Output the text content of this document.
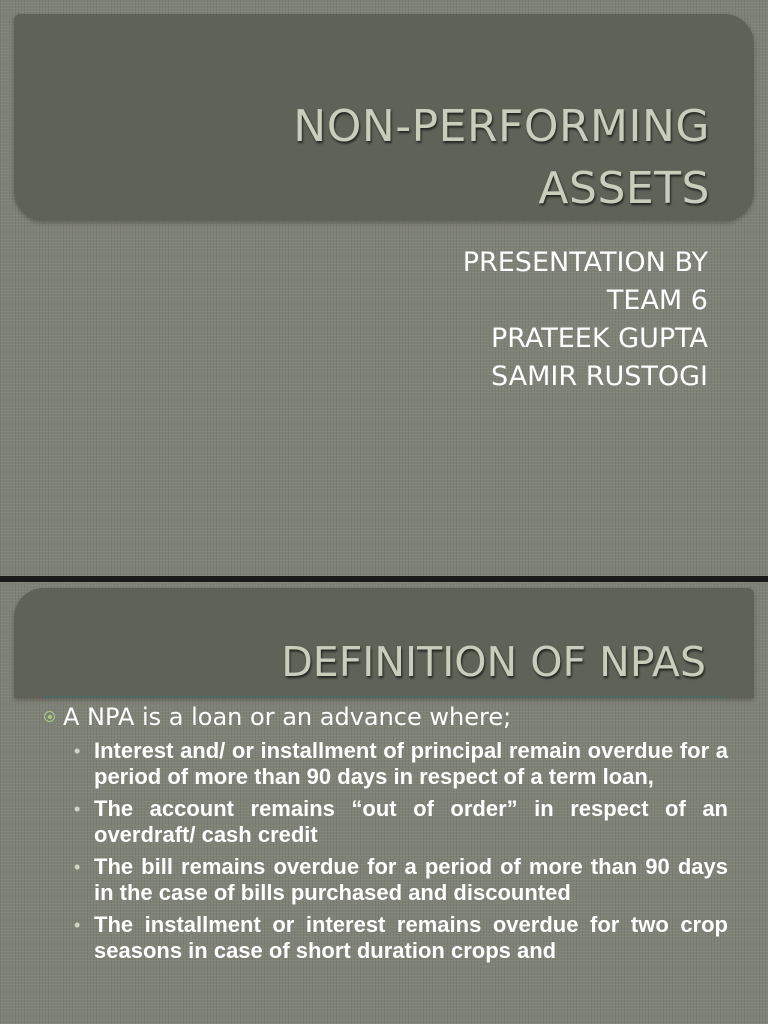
NON-PERFORMING
ASSETS
PRESENTATION BY
TEAM 6
PRATEEK GUPTA
SAMIR RUSTOGI
DEFINITION OF NPAS
A NPA is a loan or an advance where;
• Interest and/ or installment of principal remain overdue for a period of more than 90 days in respect of a term loan,
• The account remains “out of order” in respect of an overdraft/ cash credit
• The bill remains overdue for a period of more than 90 days in the case of bills purchased and discounted
• The installment or interest remains overdue for two crop seasons in case of short duration crops and
